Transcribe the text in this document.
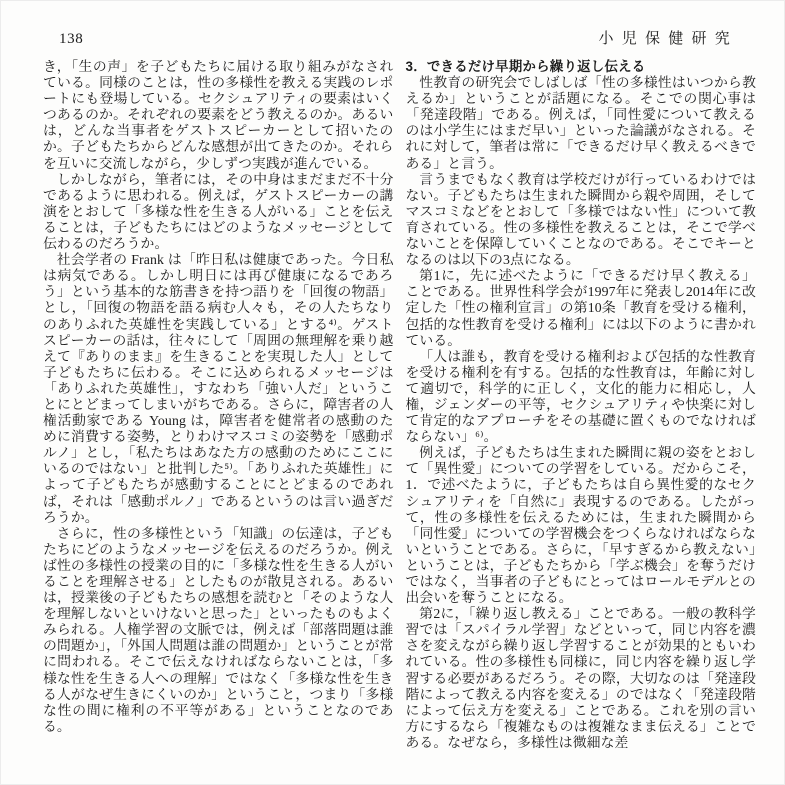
138	小児保健研究

き，「生の声」を子どもたちに届ける取り組みがなされている。同様のことは，性の多様性を教える実践のレポートにも登場している。セクシュアリティの要素はいくつあるのか。それぞれの要素をどう教えるのか。あるいは，どんな当事者をゲストスピーカーとして招いたのか。子どもたちからどんな感想が出てきたのか。それらを互いに交流しながら，少しずつ実践が進んでいる。

しかしながら，筆者には，その中身はまだまだ不十分であるように思われる。例えば，ゲストスピーカーの講演をとおして「多様な性を生きる人がいる」ことを伝えることは，子どもたちにはどのようなメッセージとして伝わるのだろうか。

社会学者の Frank は「昨日私は健康であった。今日私は病気である。しかし明日には再び健康になるであろう」という基本的な筋書きを持つ語りを「回復の物語」とし，「回復の物語を語る病む人々も，その人たちなりのありふれた英雄性を実践している」とする⁴⁾。ゲストスピーカーの話は，往々にして「周囲の無理解を乗り越えて『ありのまま』を生きることを実現した人」として子どもたちに伝わる。そこに込められるメッセージは「ありふれた英雄性」，すなわち「強い人だ」ということにとどまってしまいがちである。さらに，障害者の人権活動家である Young は，障害者を健常者の感動のために消費する姿勢，とりわけマスコミの姿勢を「感動ポルノ」とし，「私たちはあなた方の感動のためにここにいるのではない」と批判した⁵⁾。「ありふれた英雄性」によって子どもたちが感動することにとどまるのであれば，それは「感動ポルノ」であるというのは言い過ぎだろうか。

さらに，性の多様性という「知識」の伝達は，子どもたちにどのようなメッセージを伝えるのだろうか。例えば性の多様性の授業の目的に「多様な性を生きる人がいることを理解させる」としたものが散見される。あるいは，授業後の子どもたちの感想を読むと「そのような人を理解しないといけないと思った」といったものもよくみられる。人権学習の文脈では，例えば「部落問題は誰の問題か」，「外国人問題は誰の問題か」ということが常に問われる。そこで伝えなければならないことは，「多様な性を生きる人への理解」ではなく「多様な性を生きる人がなぜ生きにくいのか」ということ，つまり「多様な性の間に権利の不平等がある」ということなのである。

3．できるだけ早期から繰り返し伝える

性教育の研究会でしばしば「性の多様性はいつから教えるか」ということが話題になる。そこでの関心事は「発達段階」である。例えば，「同性愛について教えるのは小学生にはまだ早い」といった論議がなされる。それに対して，筆者は常に「できるだけ早く教えるべきである」と言う。

言うまでもなく教育は学校だけが行っているわけではない。子どもたちは生まれた瞬間から親や周囲，そしてマスコミなどをとおして「多様ではない性」について教育されている。性の多様性を教えることは，そこで学べないことを保障していくことなのである。そこでキーとなるのは以下の3点になる。

第1に，先に述べたように「できるだけ早く教える」ことである。世界性科学会が1997年に発表し2014年に改定した「性の権利宣言」の第10条「教育を受ける権利，包括的な性教育を受ける権利」には以下のように書かれている。

「人は誰も，教育を受ける権利および包括的な性教育を受ける権利を有する。包括的な性教育は，年齢に対して適切で，科学的に正しく，文化的能力に相応し，人権，ジェンダーの平等，セクシュアリティや快楽に対して肯定的なアプローチをその基礎に置くものでなければならない」⁶⁾。

例えば，子どもたちは生まれた瞬間に親の姿をとおして「異性愛」についての学習をしている。だからこそ，1．で述べたように，子どもたちは自ら異性愛的なセクシュアリティを「自然に」表現するのである。したがって，性の多様性を伝えるためには，生まれた瞬間から「同性愛」についての学習機会をつくらなければならないということである。さらに，「早すぎるから教えない」ということは，子どもたちから「学ぶ機会」を奪うだけではなく，当事者の子どもにとってはロールモデルとの出会いを奪うことになる。

第2に，「繰り返し教える」ことである。一般の教科学習では「スパイラル学習」などといって，同じ内容を濃さを変えながら繰り返し学習することが効果的ともいわれている。性の多様性も同様に，同じ内容を繰り返し学習する必要があるだろう。その際，大切なのは「発達段階によって教える内容を変える」のではなく「発達段階によって伝え方を変える」ことである。これを別の言い方にするなら「複雑なものは複雑なまま伝える」ことである。なぜなら，多様性は微細な差
